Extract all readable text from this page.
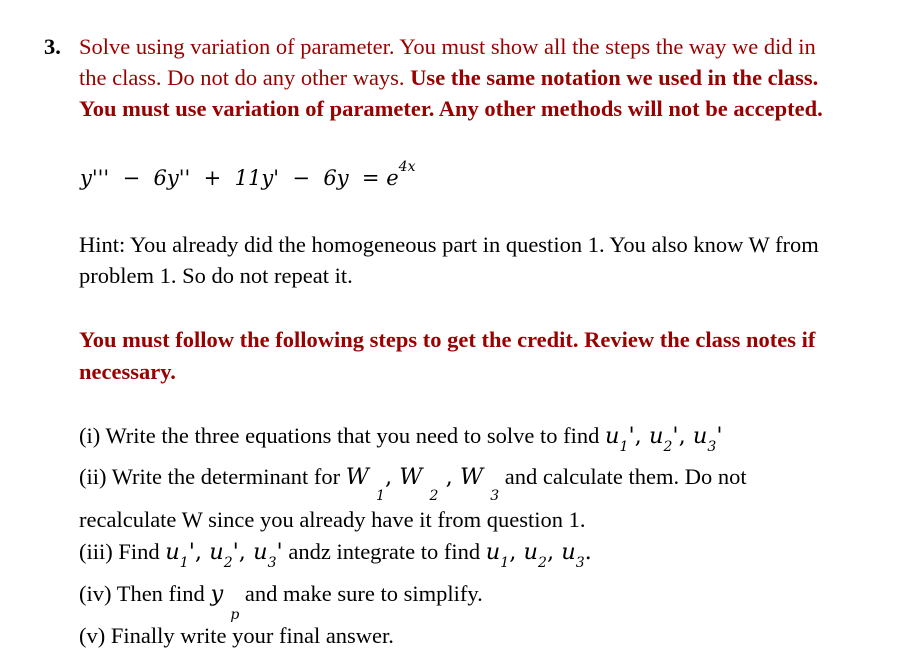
3. Solve using variation of parameter. You must show all the steps the way we did in
the class. Do not do any other ways. Use the same notation we used in the class.
You must use variation of parameter. Any other methods will not be accepted.
$y''' - 6y'' + 11y' - 6y = e^{4x}$
Hint: You already did the homogeneous part in question 1. You also know W from
problem 1. So do not repeat it.
You must follow the following steps to get the credit. Review the class notes if
necessary.
(i) Write the three equations that you need to solve to find $u_1'$, $u_2'$, $u_3'$
(ii) Write the determinant for W $_1$, W $_2$ , W $_3$ and calculate them. Do not
recalculate W since you already have it from question 1.
(iii) Find $u_1'$, $u_2'$, $u_3'$ andz integrate to find $u_1$, $u_2$, $u_3$.
(iv) Then find y $_p$ and make sure to simplify.
(v) Finally write your final answer.
